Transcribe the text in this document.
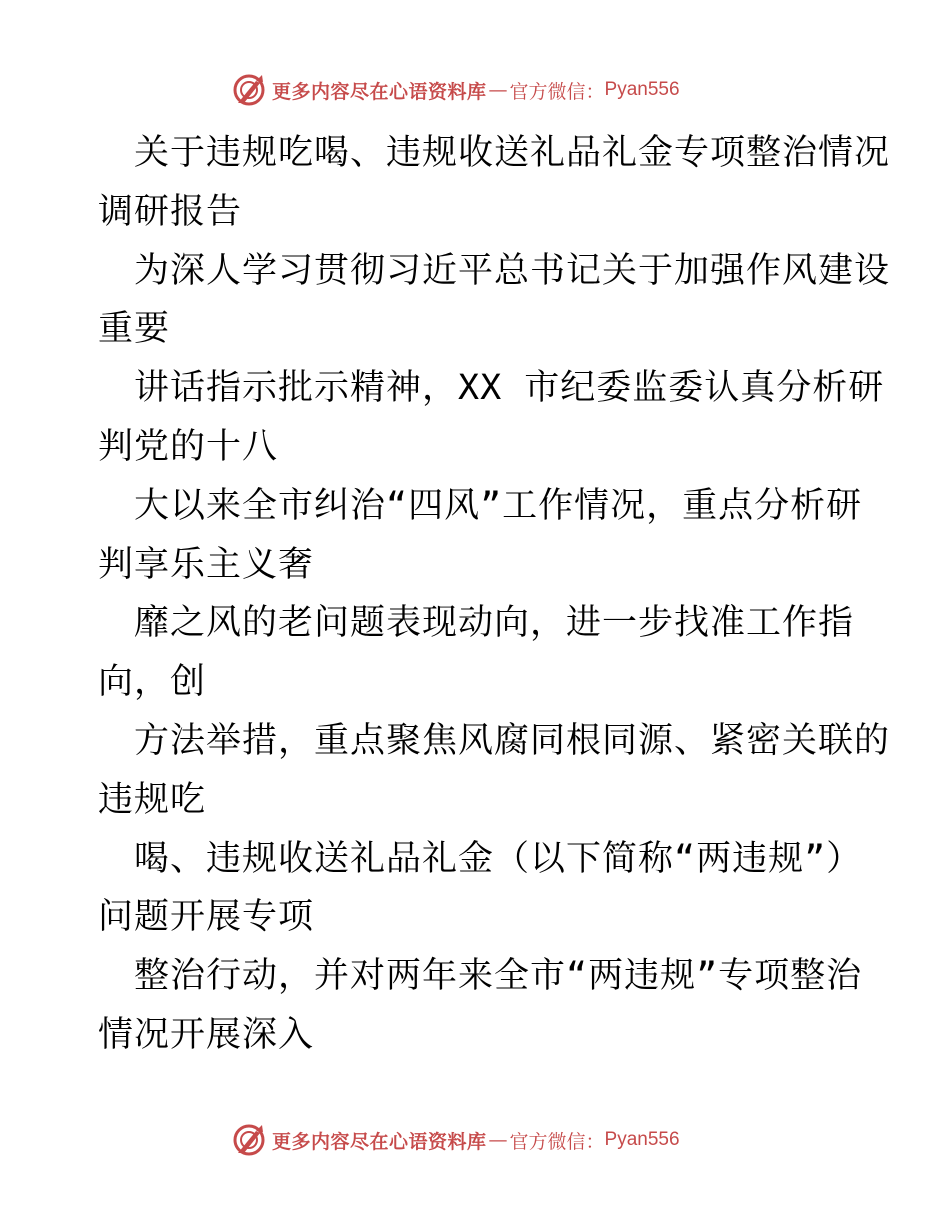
更多内容尽在心语资料库 — 官方微信： Pyan556
关于违规吃喝、违规收送礼品礼金专项整治情况
调研报告
为深人学习贯彻习近平总书记关于加强作风建设
重要
讲话指示批示精神，XX 市纪委监委认真分析研
判党的十八
大以来全市纠治“四风”工作情况，重点分析研
判享乐主义奢
靡之风的老问题表现动向，进一步找准工作指
向，创
方法举措，重点聚焦风腐同根同源、紧密关联的
违规吃
喝、违规收送礼品礼金（以下简称“两违规”）
问题开展专项
整治行动，并对两年来全市“两违规”专项整治
情况开展深入
更多内容尽在心语资料库 — 官方微信： Pyan556
